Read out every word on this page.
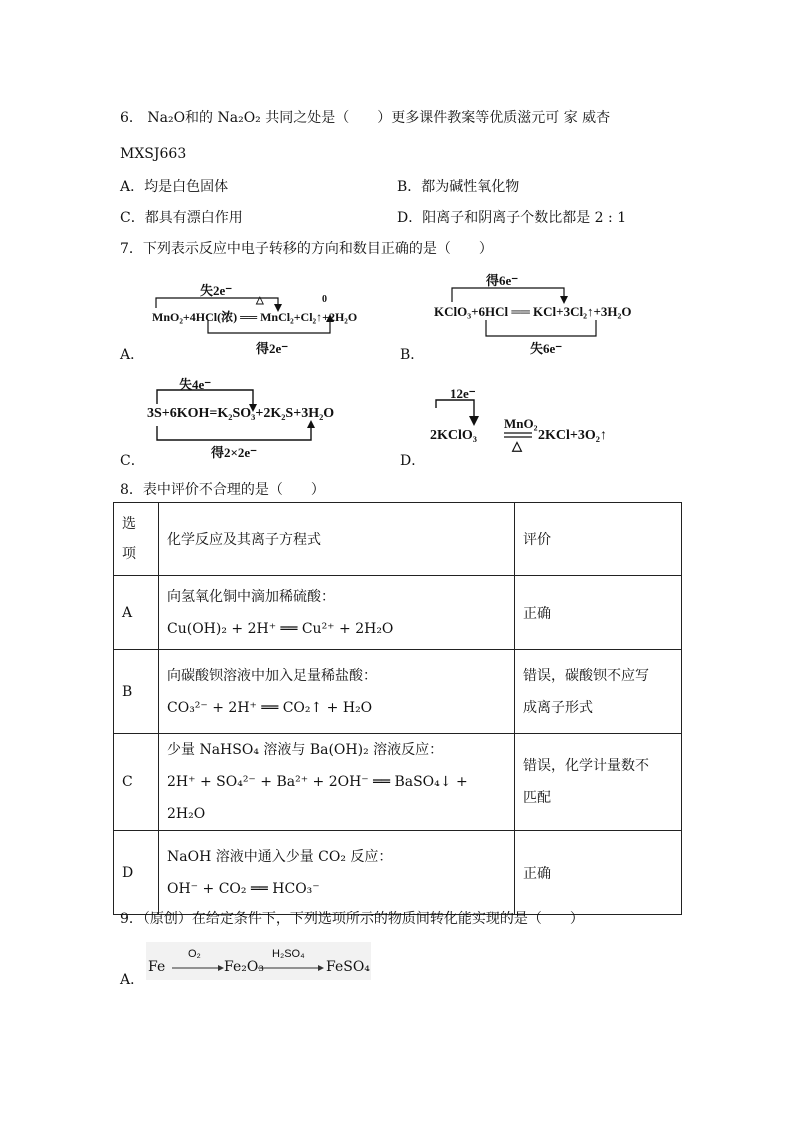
6． Na₂O和的 Na₂O₂ 共同之处是（　　）更多课件教案等优质滋元可 家 威杏
MXSJ663
A．均是白色固体	B．都为碱性氧化物
C．都具有漂白作用	D．阳离子和阴离子个数比都是 2 : 1
7．下列表示反应中电子转移的方向和数目正确的是（　　）
失2e⁻
△	0
MnO₂+4HCl(浓) ══ MnCl₂+Cl₂↑+2H₂O
得2e⁻
A．
得6e⁻
KClO₃+6HCl ══ KCl+3Cl₂↑+3H₂O
失6e⁻
B．
失4e⁻
3S+6KOH=K₂SO₃+2K₂S+3H₂O
得2×2e⁻
C．
12e⁻
2KClO₃
MnO₂
△
2KCl+3O₂↑
D．
8．表中评价不合理的是（　　）
选
项	化学反应及其离子方程式	评价
A	向氢氧化铜中滴加稀硫酸：
Cu(OH)₂ + 2H⁺ ══ Cu²⁺ + 2H₂O	正确
B	向碳酸钡溶液中加入足量稀盐酸：
CO₃²⁻ + 2H⁺ ══ CO₂↑ + H₂O	错误，碳酸钡不应写
成离子形式

C	少量 NaHSO₄ 溶液与 Ba(OH)₂ 溶液反应：
2H⁺ + SO₄²⁻ + Ba²⁺ + 2OH⁻ ══ BaSO₄↓ + 2H₂O	错误，化学计量数不
匹配

D	NaOH 溶液中通入少量 CO₂ 反应：
OH⁻ + CO₂ ══ HCO₃⁻	正确
9．（原创）在给定条件下，下列选项所示的物质间转化能实现的是（　　）
Fe
O₂
Fe₂O₃
H₂SO₄
FeSO₄
A．
